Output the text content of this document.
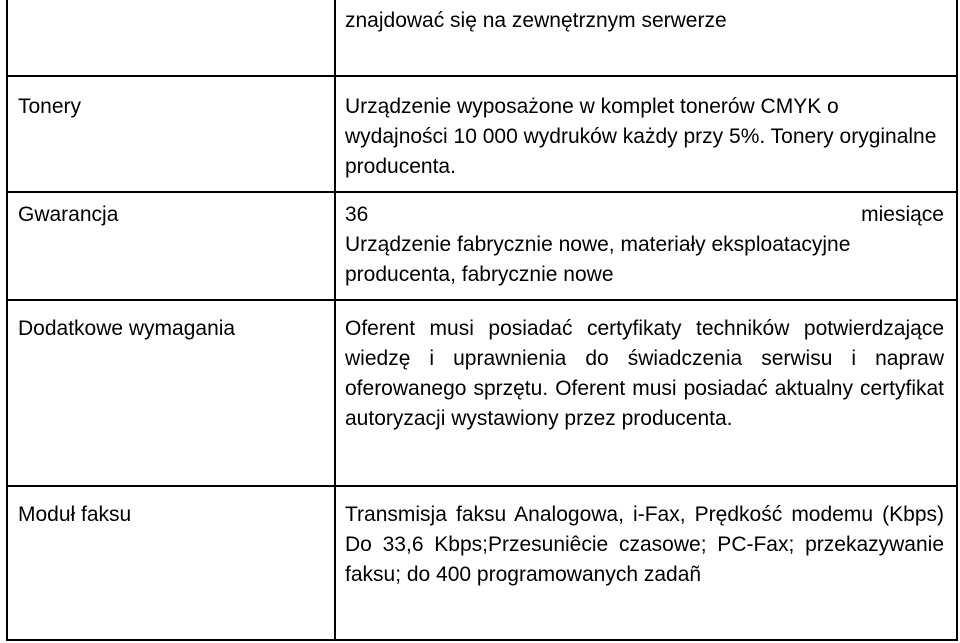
	znajdować się na zewnętrznym serwerze

Tonery	Urządzenie wyposażone w komplet tonerów CMYK o wydajności 10 000 wydruków każdy przy 5%. Tonery oryginalne producenta.

Gwarancja	36 miesiące
Urządzenie fabrycznie nowe, materiały eksploatacyjne producenta, fabrycznie nowe

Dodatkowe wymagania	Oferent musi posiadać certyfikaty techników potwierdzające wiedzę i uprawnienia do świadczenia serwisu i napraw oferowanego sprzętu. Oferent musi posiadać aktualny certyfikat autoryzacji wystawiony przez producenta.

Moduł faksu	Transmisja faksu Analogowa, i-Fax, Prędkość modemu (Kbps) Do 33,6 Kbps;Przesuniêcie czasowe; PC-Fax; przekazywanie faksu; do 400 programowanych zadañ
